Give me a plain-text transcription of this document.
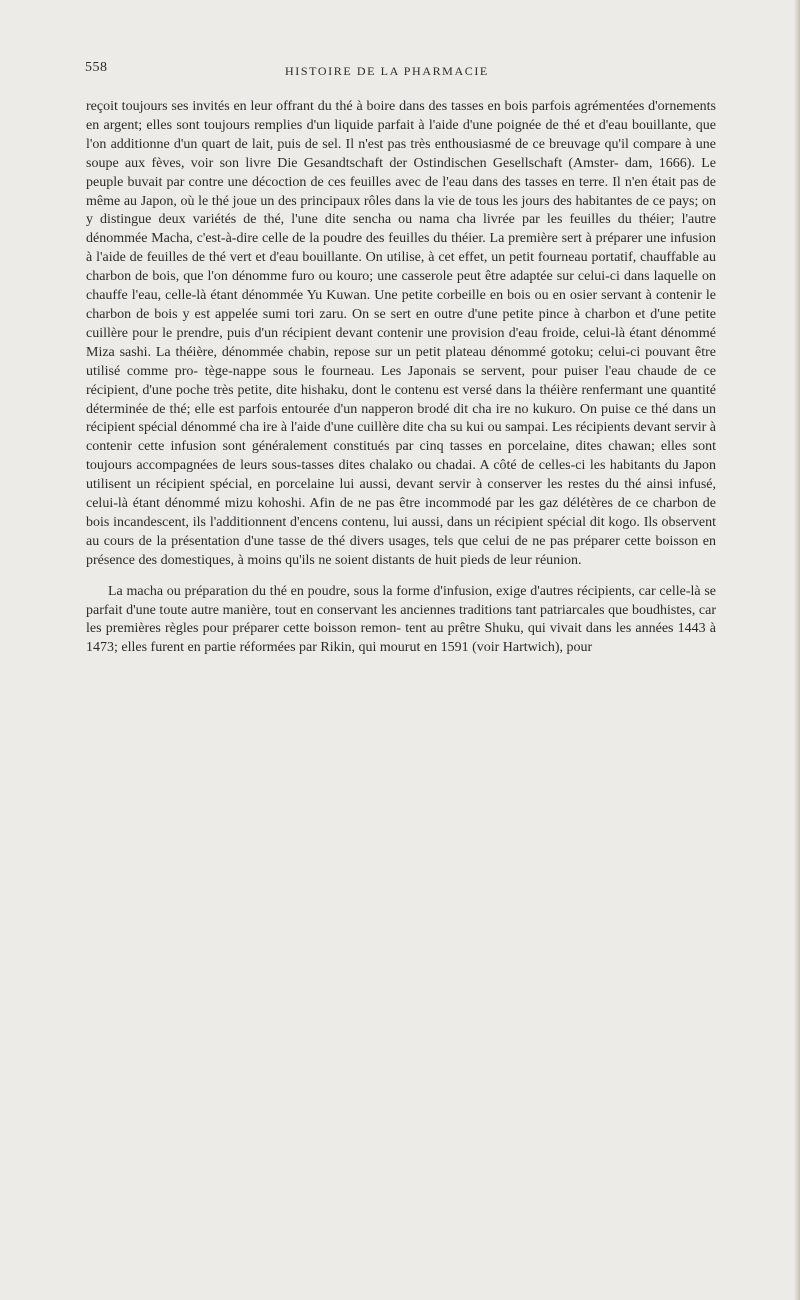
558	HISTOIRE DE LA PHARMACIE

reçoit toujours ses invités en leur offrant du thé à boire dans des tasses en bois parfois agrémentées d'ornements en argent; elles sont toujours remplies d'un liquide parfait à l'aide d'une poignée de thé et d'eau bouillante, que l'on additionne d'un quart de lait, puis de sel. Il n'est pas très enthousiasmé de ce breuvage qu'il compare à une soupe aux fèves, voir son livre Die Gesandtschaft der Ostindischen Gesellschaft (Amster- dam, 1666). Le peuple buvait par contre une décoction de ces feuilles avec de l'eau dans des tasses en terre. Il n'en était pas de même au Japon, où le thé joue un des principaux rôles dans la vie de tous les jours des habitantes de ce pays; on y distingue deux variétés de thé, l'une dite sencha ou nama cha livrée par les feuilles du théier; l'autre dénommée Macha, c'est-à-dire celle de la poudre des feuilles du théier. La première sert à préparer une infusion à l'aide de feuilles de thé vert et d'eau bouillante. On utilise, à cet effet, un petit fourneau portatif, chauffable au charbon de bois, que l'on dénomme furo ou kouro; une casserole peut être adaptée sur celui-ci dans laquelle on chauffe l'eau, celle-là étant dénommée Yu Kuwan. Une petite corbeille en bois ou en osier servant à contenir le charbon de bois y est appelée sumi tori zaru. On se sert en outre d'une petite pince à charbon et d'une petite cuillère pour le prendre, puis d'un récipient devant contenir une provision d'eau froide, celui-là étant dénommé Miza sashi. La théière, dénommée chabin, repose sur un petit plateau dénommé gotoku; celui-ci pouvant être utilisé comme pro- tège-nappe sous le fourneau. Les Japonais se servent, pour puiser l'eau chaude de ce récipient, d'une poche très petite, dite hishaku, dont le contenu est versé dans la théière renfermant une quantité déterminée de thé; elle est parfois entourée d'un napperon brodé dit cha ire no kukuro. On puise ce thé dans un récipient spécial dénommé cha ire à l'aide d'une cuillère dite cha su kui ou sampai. Les récipients devant servir à contenir cette infusion sont généralement constitués par cinq tasses en porcelaine, dites chawan; elles sont toujours accompagnées de leurs sous-tasses dites chalako ou chadai. A côté de celles-ci les habitants du Japon utilisent un récipient spécial, en porcelaine lui aussi, devant servir à conserver les restes du thé ainsi infusé, celui-là étant dénommé mizu kohoshi. Afin de ne pas être incommodé par les gaz délétères de ce charbon de bois incandescent, ils l'additionnent d'encens contenu, lui aussi, dans un récipient spécial dit kogo. Ils observent au cours de la présentation d'une tasse de thé divers usages, tels que celui de ne pas préparer cette boisson en présence des domestiques, à moins qu'ils ne soient distants de huit pieds de leur réunion.

La macha ou préparation du thé en poudre, sous la forme d'infusion, exige d'autres récipients, car celle-là se parfait d'une toute autre manière, tout en conservant les anciennes traditions tant patriarcales que boudhistes, car les premières règles pour préparer cette boisson remon- tent au prêtre Shuku, qui vivait dans les années 1443 à 1473; elles furent en partie réformées par Rikin, qui mourut en 1591 (voir Hartwich), pour
